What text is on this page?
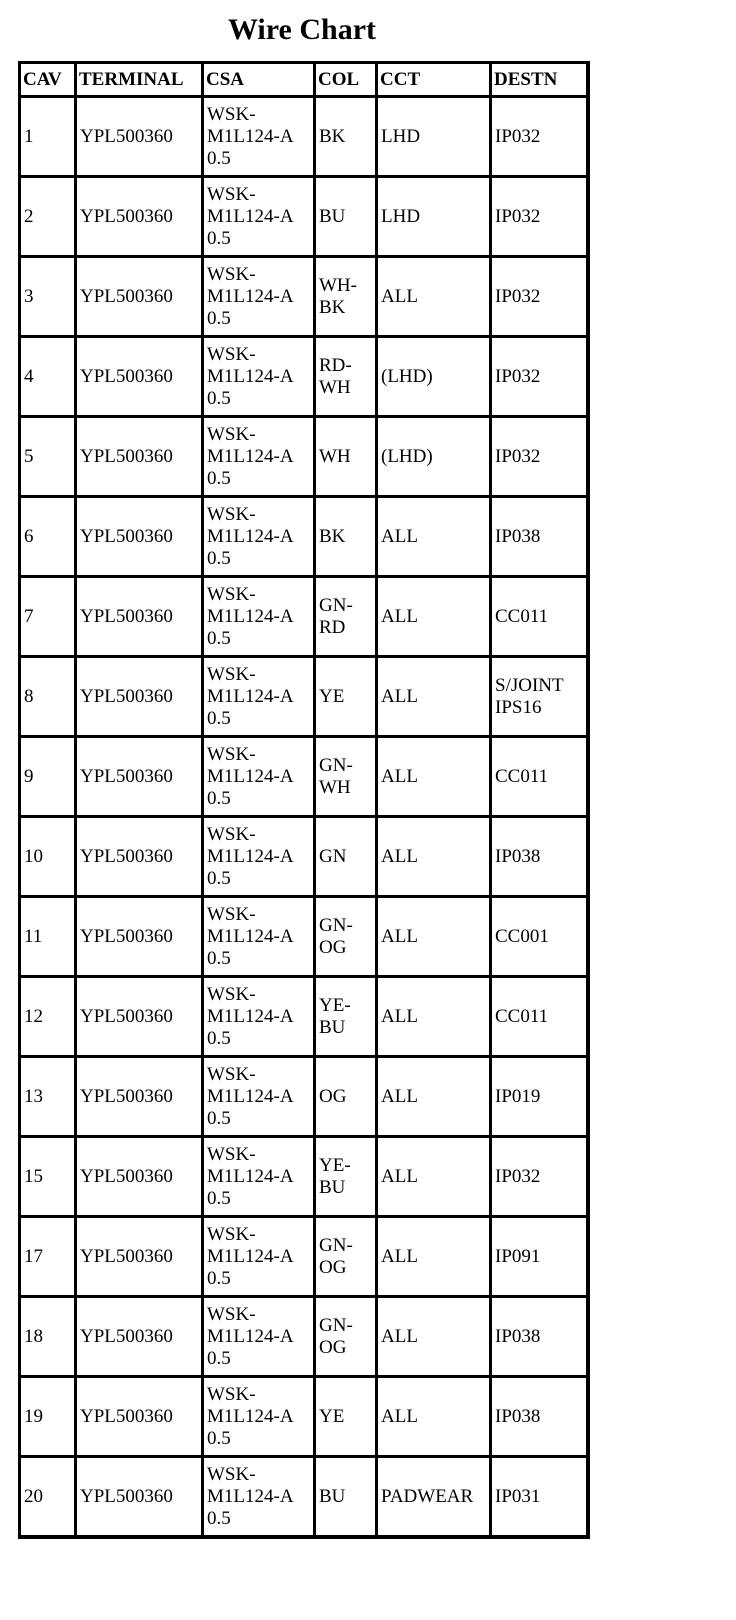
Wire Chart
CAV	TERMINAL	CSA	COL	CCT	DESTN
1	YPL500360	WSK-
M1L124-A
0.5	BK	LHD	IP032
2	YPL500360	WSK-
M1L124-A
0.5	BU	LHD	IP032
3	YPL500360	WSK-
M1L124-A
0.5	WH-
BK	ALL	IP032
4	YPL500360	WSK-
M1L124-A
0.5	RD-
WH	(LHD)	IP032
5	YPL500360	WSK-
M1L124-A
0.5	WH	(LHD)	IP032
6	YPL500360	WSK-
M1L124-A
0.5	BK	ALL	IP038
7	YPL500360	WSK-
M1L124-A
0.5	GN-
RD	ALL	CC011
8	YPL500360	WSK-
M1L124-A
0.5	YE	ALL	S/JOINT
IPS16
9	YPL500360	WSK-
M1L124-A
0.5	GN-
WH	ALL	CC011
10	YPL500360	WSK-
M1L124-A
0.5	GN	ALL	IP038
11	YPL500360	WSK-
M1L124-A
0.5	GN-
OG	ALL	CC001
12	YPL500360	WSK-
M1L124-A
0.5	YE-
BU	ALL	CC011
13	YPL500360	WSK-
M1L124-A
0.5	OG	ALL	IP019
15	YPL500360	WSK-
M1L124-A
0.5	YE-
BU	ALL	IP032
17	YPL500360	WSK-
M1L124-A
0.5	GN-
OG	ALL	IP091
18	YPL500360	WSK-
M1L124-A
0.5	GN-
OG	ALL	IP038
19	YPL500360	WSK-
M1L124-A
0.5	YE	ALL	IP038
20	YPL500360	WSK-
M1L124-A
0.5	BU	PADWEAR	IP031
